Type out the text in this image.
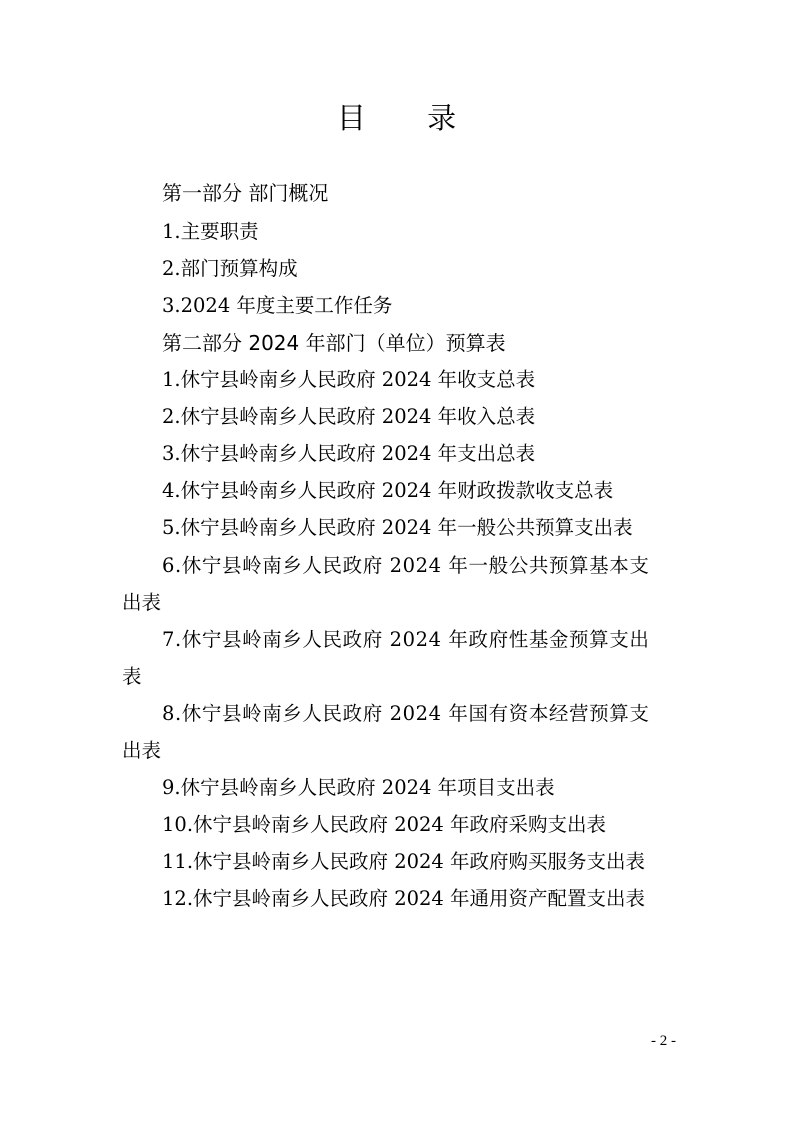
目 录
第一部分 部门概况
1.主要职责
2.部门预算构成
3.2024 年度主要工作任务
第二部分 2024 年部门（单位）预算表
1.休宁县岭南乡人民政府 2024 年收支总表
2.休宁县岭南乡人民政府 2024 年收入总表
3.休宁县岭南乡人民政府 2024 年支出总表
4.休宁县岭南乡人民政府 2024 年财政拨款收支总表
5.休宁县岭南乡人民政府 2024 年一般公共预算支出表
6.休宁县岭南乡人民政府 2024 年一般公共预算基本支
出表
7.休宁县岭南乡人民政府 2024 年政府性基金预算支出
表
8.休宁县岭南乡人民政府 2024 年国有资本经营预算支
出表
9.休宁县岭南乡人民政府 2024 年项目支出表
10.休宁县岭南乡人民政府 2024 年政府采购支出表
11.休宁县岭南乡人民政府 2024 年政府购买服务支出表
12.休宁县岭南乡人民政府 2024 年通用资产配置支出表
- 2 -
